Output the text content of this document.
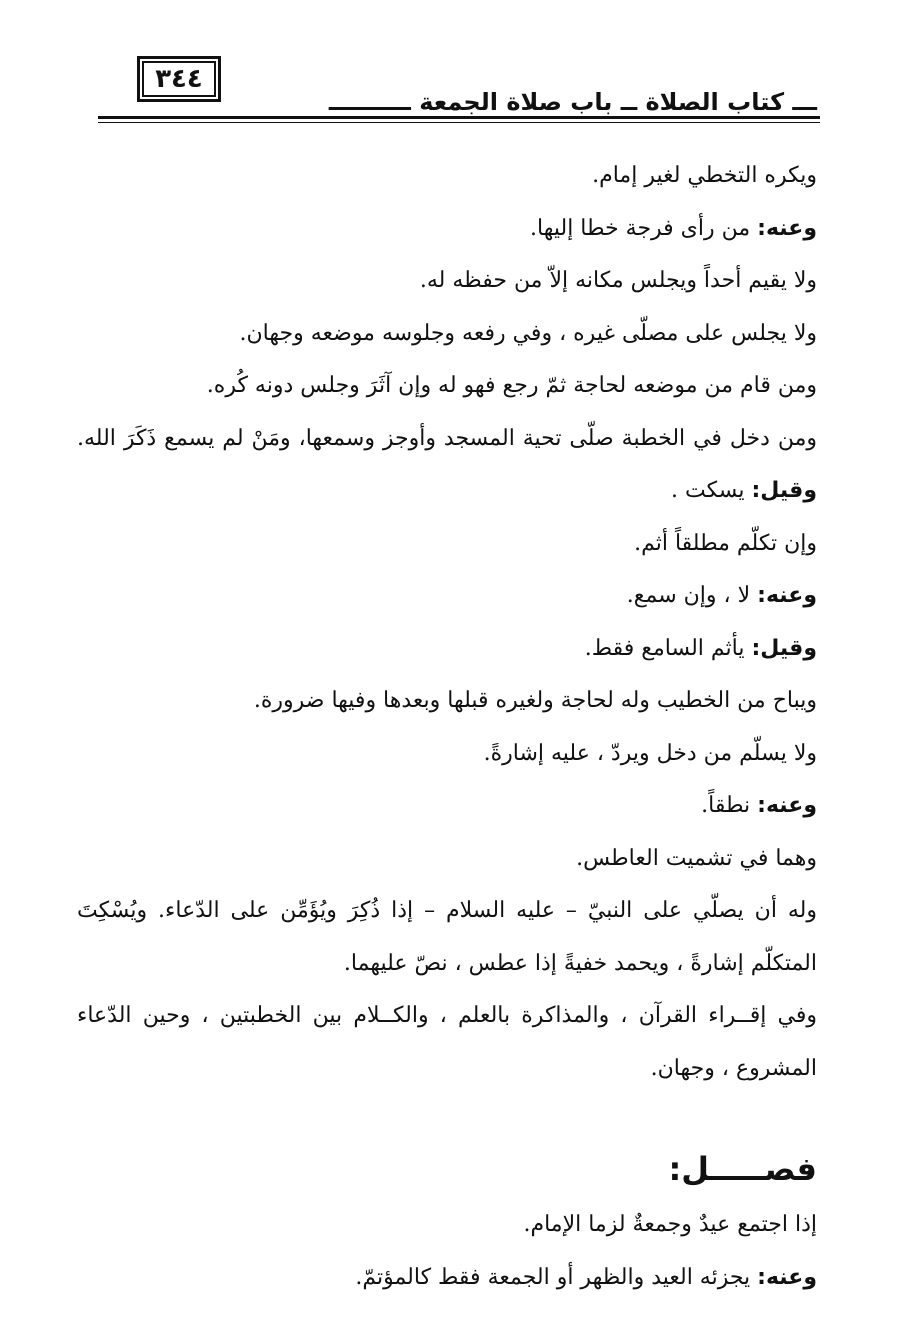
٣٤٤
ـــ كتاب الصلاة ــ باب صلاة الجمعة ــــــــــ
ويكره التخطي لغير إمام.
وعنه: من رأى فرجة خطا إليها.
ولا يقيم أحداً ويجلس مكانه إلاّ من حفظه له.
ولا يجلس على مصلّى غيره ، وفي رفعه وجلوسه موضعه وجهان.
ومن قام من موضعه لحاجة ثمّ رجع فهو له وإن آثَرَ وجلس دونه كُره.
ومن دخل في الخطبة صلّى تحية المسجد وأوجز وسمعها، ومَنْ لم يسمع ذَكَرَ الله.
وقيل: يسكت .
وإن تكلّم مطلقاً أثم.
وعنه: لا ، وإن سمع.
وقيل: يأثم السامع فقط.
ويباح من الخطيب وله لحاجة ولغيره قبلها وبعدها وفيها ضرورة.
ولا يسلّم من دخل ويردّ ، عليه إشارةً.
وعنه: نطقاً.
وهما في تشميت العاطس.
وله أن يصلّي على النبيّ – عليه السلام – إذا ذُكِرَ ويُؤَمِّن على الدّعاء. ويُسْكِتَ
المتكلّم إشارةً ، ويحمد خفيةً إذا عطس ، نصّ عليهما.
وفي إقــراء القرآن ، والمذاكرة بالعلم ، والكــلام بين الخطبتين ، وحين الدّعاء
المشروع ، وجهان.
فصـــــل:
إذا اجتمع عيدٌ وجمعةٌ لزما الإمام.
وعنه: يجزئه العيد والظهر أو الجمعة فقط كالمؤتمّ.
